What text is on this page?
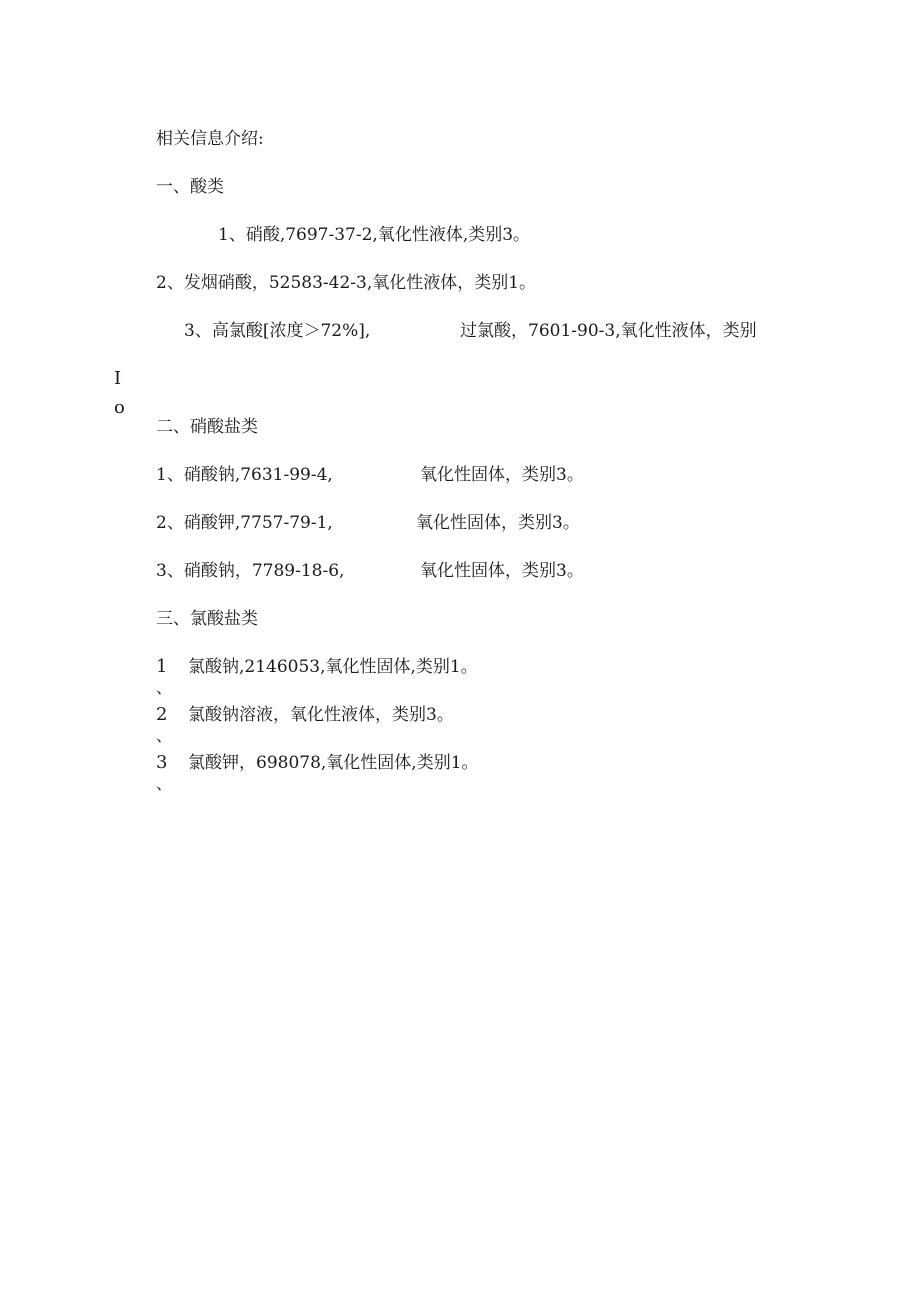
相关信息介绍:
一、酸类
1、硝酸,7697-37-2,氧化性液体,类别3。
2、发烟硝酸，52583-42-3,氧化性液体，类别1。
3、高氯酸[浓度＞72%],	过氯酸，7601-90-3,氧化性液体，类别
I
o
二、硝酸盐类
1、硝酸钠,7631-99-4,	氧化性固体，类别3。
2、硝酸钾,7757-79-1,	氧化性固体，类别3。
3、硝酸钠，7789-18-6,	氧化性固体，类别3。
三、氯酸盐类
1
、
氯酸钠,2146053,氧化性固体,类别1。
2
、
氯酸钠溶液，氧化性液体，类别3。
3
、
氯酸钾，698078,氧化性固体,类别1。
